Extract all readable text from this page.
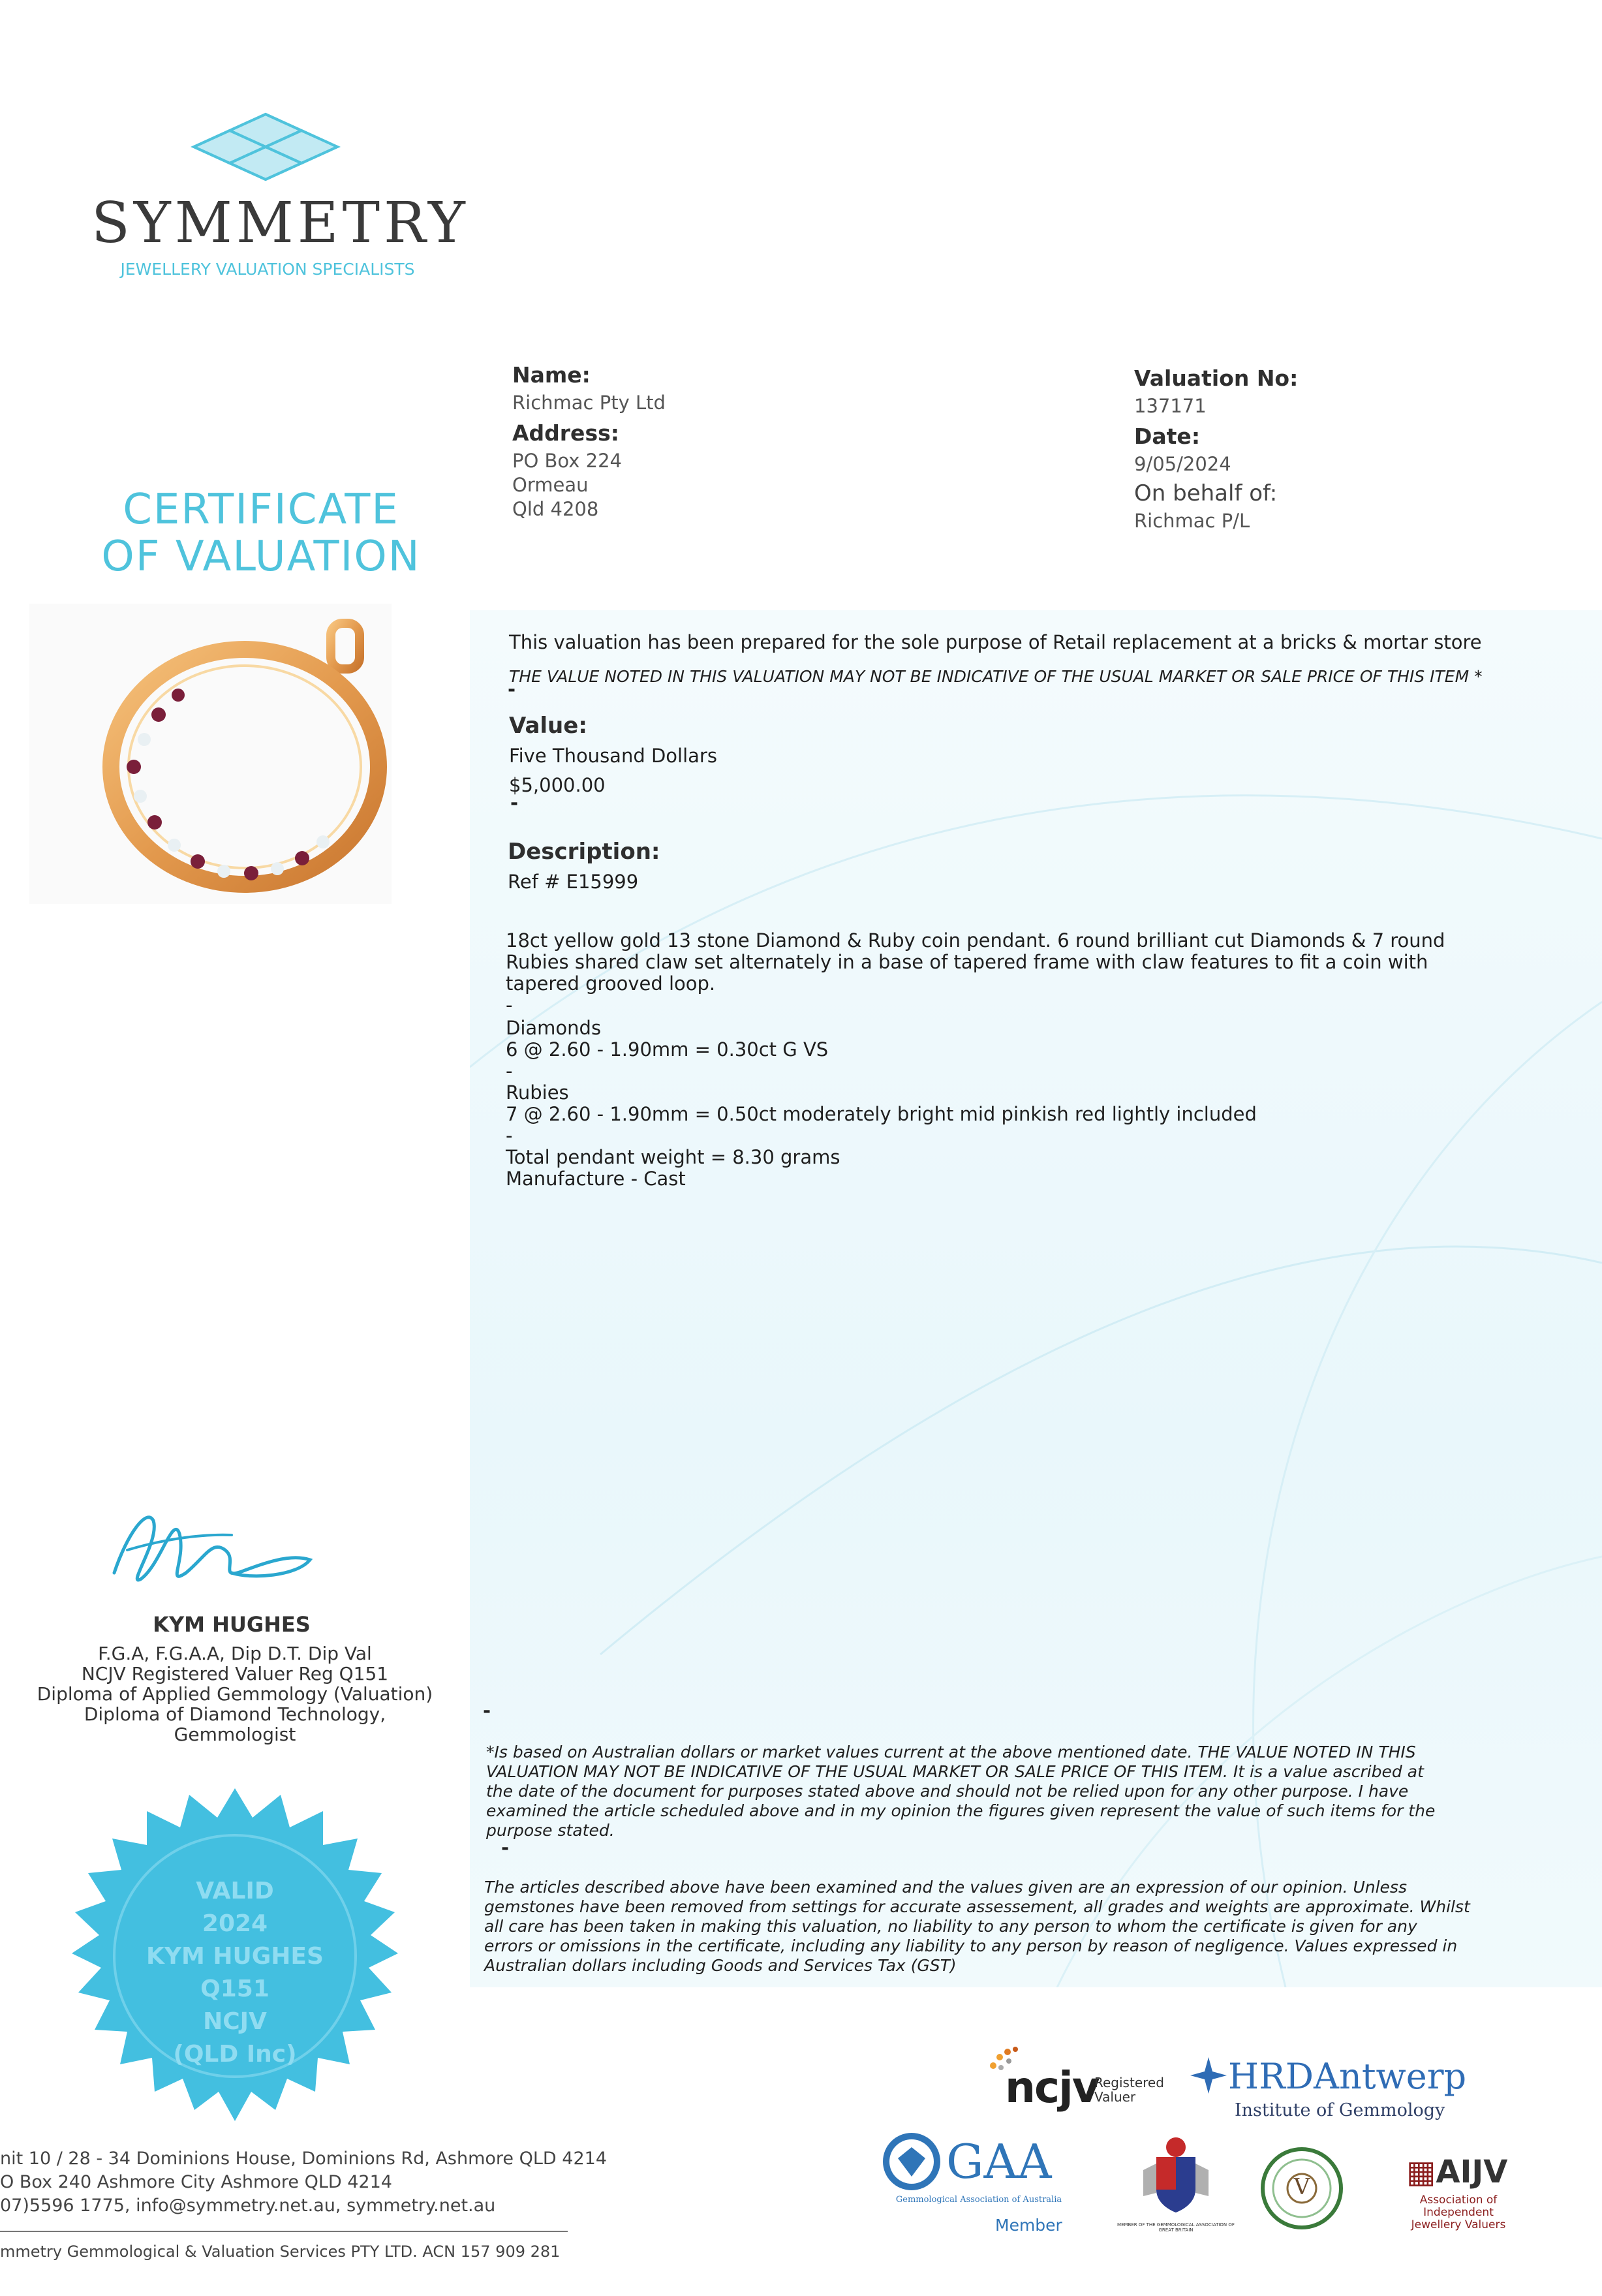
SYMMETRY
JEWELLERY VALUATION SPECIALISTS
CERTIFICATE
OF VALUATION
Name:
Richmac Pty Ltd
Address:
PO Box 224
Ormeau
Qld 4208
Valuation No:
137171
Date:
9/05/2024
On behalf of:
Richmac P/L
This valuation has been prepared for the sole purpose of Retail replacement at a bricks & mortar store
THE VALUE NOTED IN THIS VALUATION MAY NOT BE INDICATIVE OF THE USUAL MARKET OR SALE PRICE OF THIS ITEM *
-
Value:
Five Thousand Dollars
$5,000.00
-
Description:
Ref # E15999
18ct yellow gold 13 stone Diamond & Ruby coin pendant. 6 round brilliant cut Diamonds & 7 round
Rubies shared claw set alternately in a base of tapered frame with claw features to fit a coin with
tapered grooved loop.
-
Diamonds
6 @ 2.60 - 1.90mm = 0.30ct G VS
-
Rubies
7 @ 2.60 - 1.90mm = 0.50ct moderately bright mid pinkish red lightly included
-
Total pendant weight = 8.30 grams
Manufacture - Cast
KYM HUGHES
F.G.A, F.G.A.A, Dip D.T. Dip Val
NCJV Registered Valuer Reg Q151
Diploma of Applied Gemmology (Valuation)
Diploma of Diamond Technology,
Gemmologist
VALID
2024
KYM HUGHES
Q151
NCJV
(QLD Inc)
-
*Is based on Australian dollars or market values current at the above mentioned date. THE VALUE NOTED IN THIS
VALUATION MAY NOT BE INDICATIVE OF THE USUAL MARKET OR SALE PRICE OF THIS ITEM. It is a value ascribed at
the date of the document for purposes stated above and should not be relied upon for any other purpose. I have
examined the article scheduled above and in my opinion the figures given represent the value of such items for the
purpose stated.
-
The articles described above have been examined and the values given are an expression of our opinion. Unless
gemstones have been removed from settings for accurate assessement, all grades and weights are approximate. Whilst
all care has been taken in making this valuation, no liability to any person to whom the certificate is given for any
errors or omissions in the certificate, including any liability to any person by reason of negligence. Values expressed in
Australian dollars including Goods and Services Tax (GST)
ncjv
Registered
Valuer	HRDAntwerp
Institute of Gemmology
GAA
Gemmological Association of Australia
Member	MEMBER OF THE GEMMOLOGICAL ASSOCIATION OF GREAT BRITAIN
V	▦AIJV
Association of
Independent
Jewellery Valuers
nit 10 / 28 - 34 Dominions House, Dominions Rd, Ashmore QLD 4214
O Box 240 Ashmore City Ashmore QLD 4214
07)5596 1775, info@symmetry.net.au, symmetry.net.au
mmetry Gemmological & Valuation Services PTY LTD. ACN 157 909 281
